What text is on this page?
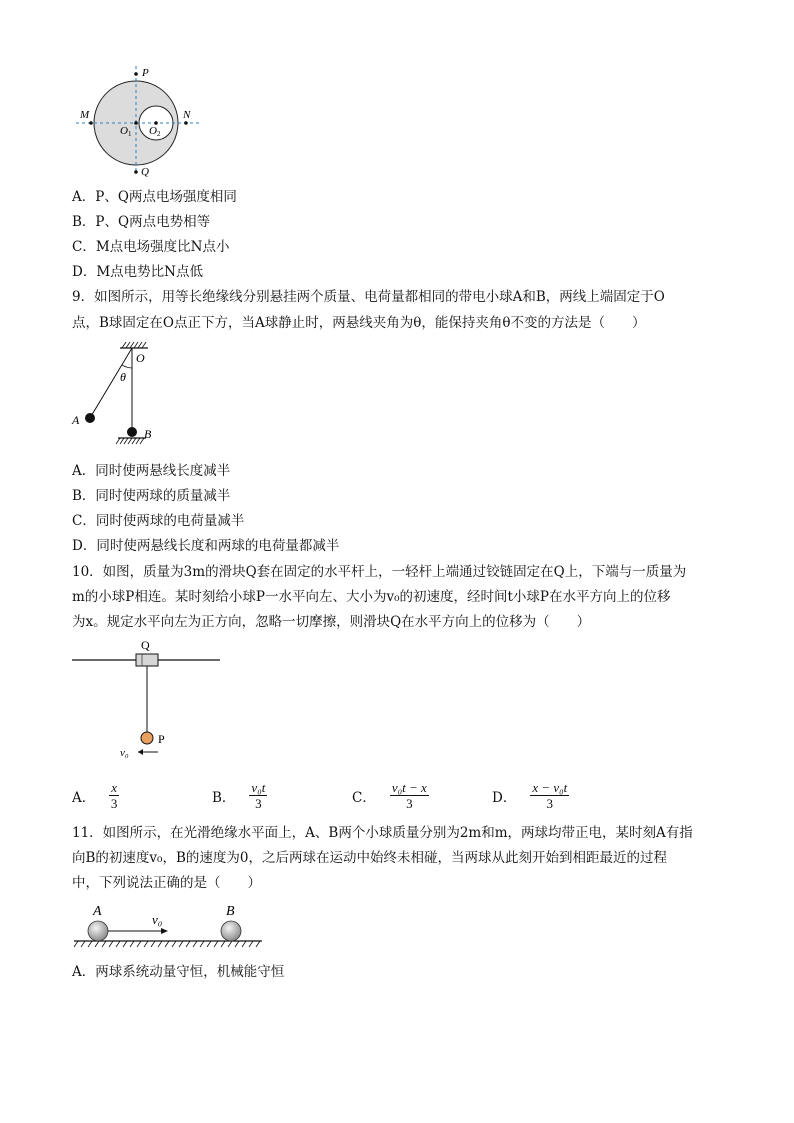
P
Q
M	N
O1 O2
A．P、Q两点电场强度相同
B．P、Q两点电势相等
C．M点电场强度比N点小
D．M点电势比N点低
9．如图所示，用等长绝缘线分别悬挂两个质量、电荷量都相同的带电小球A和B，两线上端固定于O
点，B球固定在O点正下方，当A球静止时，两悬线夹角为θ，能保持夹角θ不变的方法是（　　）
O
θ
A
B
A．同时使两悬线长度减半
B．同时使两球的质量减半
C．同时使两球的电荷量减半
D．同时使两悬线长度和两球的电荷量都减半
10．如图，质量为3m的滑块Q套在固定的水平杆上，一轻杆上端通过铰链固定在Q上，下端与一质量为
m的小球P相连。某时刻给小球P一水平向左、大小为v₀的初速度，经时间t小球P在水平方向上的位移
为x。规定水平向左为正方向，忽略一切摩擦，则滑块Q在水平方向上的位移为（　　）
Q
P
v₀
A． $\frac{x}{3}$	B． $\frac{\text{v₀t}}{3}$	C． $\frac{\text{v₀t − x}}{3}$	D． $\frac{\text{x − v₀t}}{3}$
11．如图所示，在光滑绝缘水平面上，A、B两个小球质量分别为2m和m，两球均带正电，某时刻A有指
向B的初速度v₀，B的速度为0，之后两球在运动中始终未相碰，当两球从此刻开始到相距最近的过程
中，下列说法正确的是（　　）
A	B
v₀
A．两球系统动量守恒，机械能守恒
